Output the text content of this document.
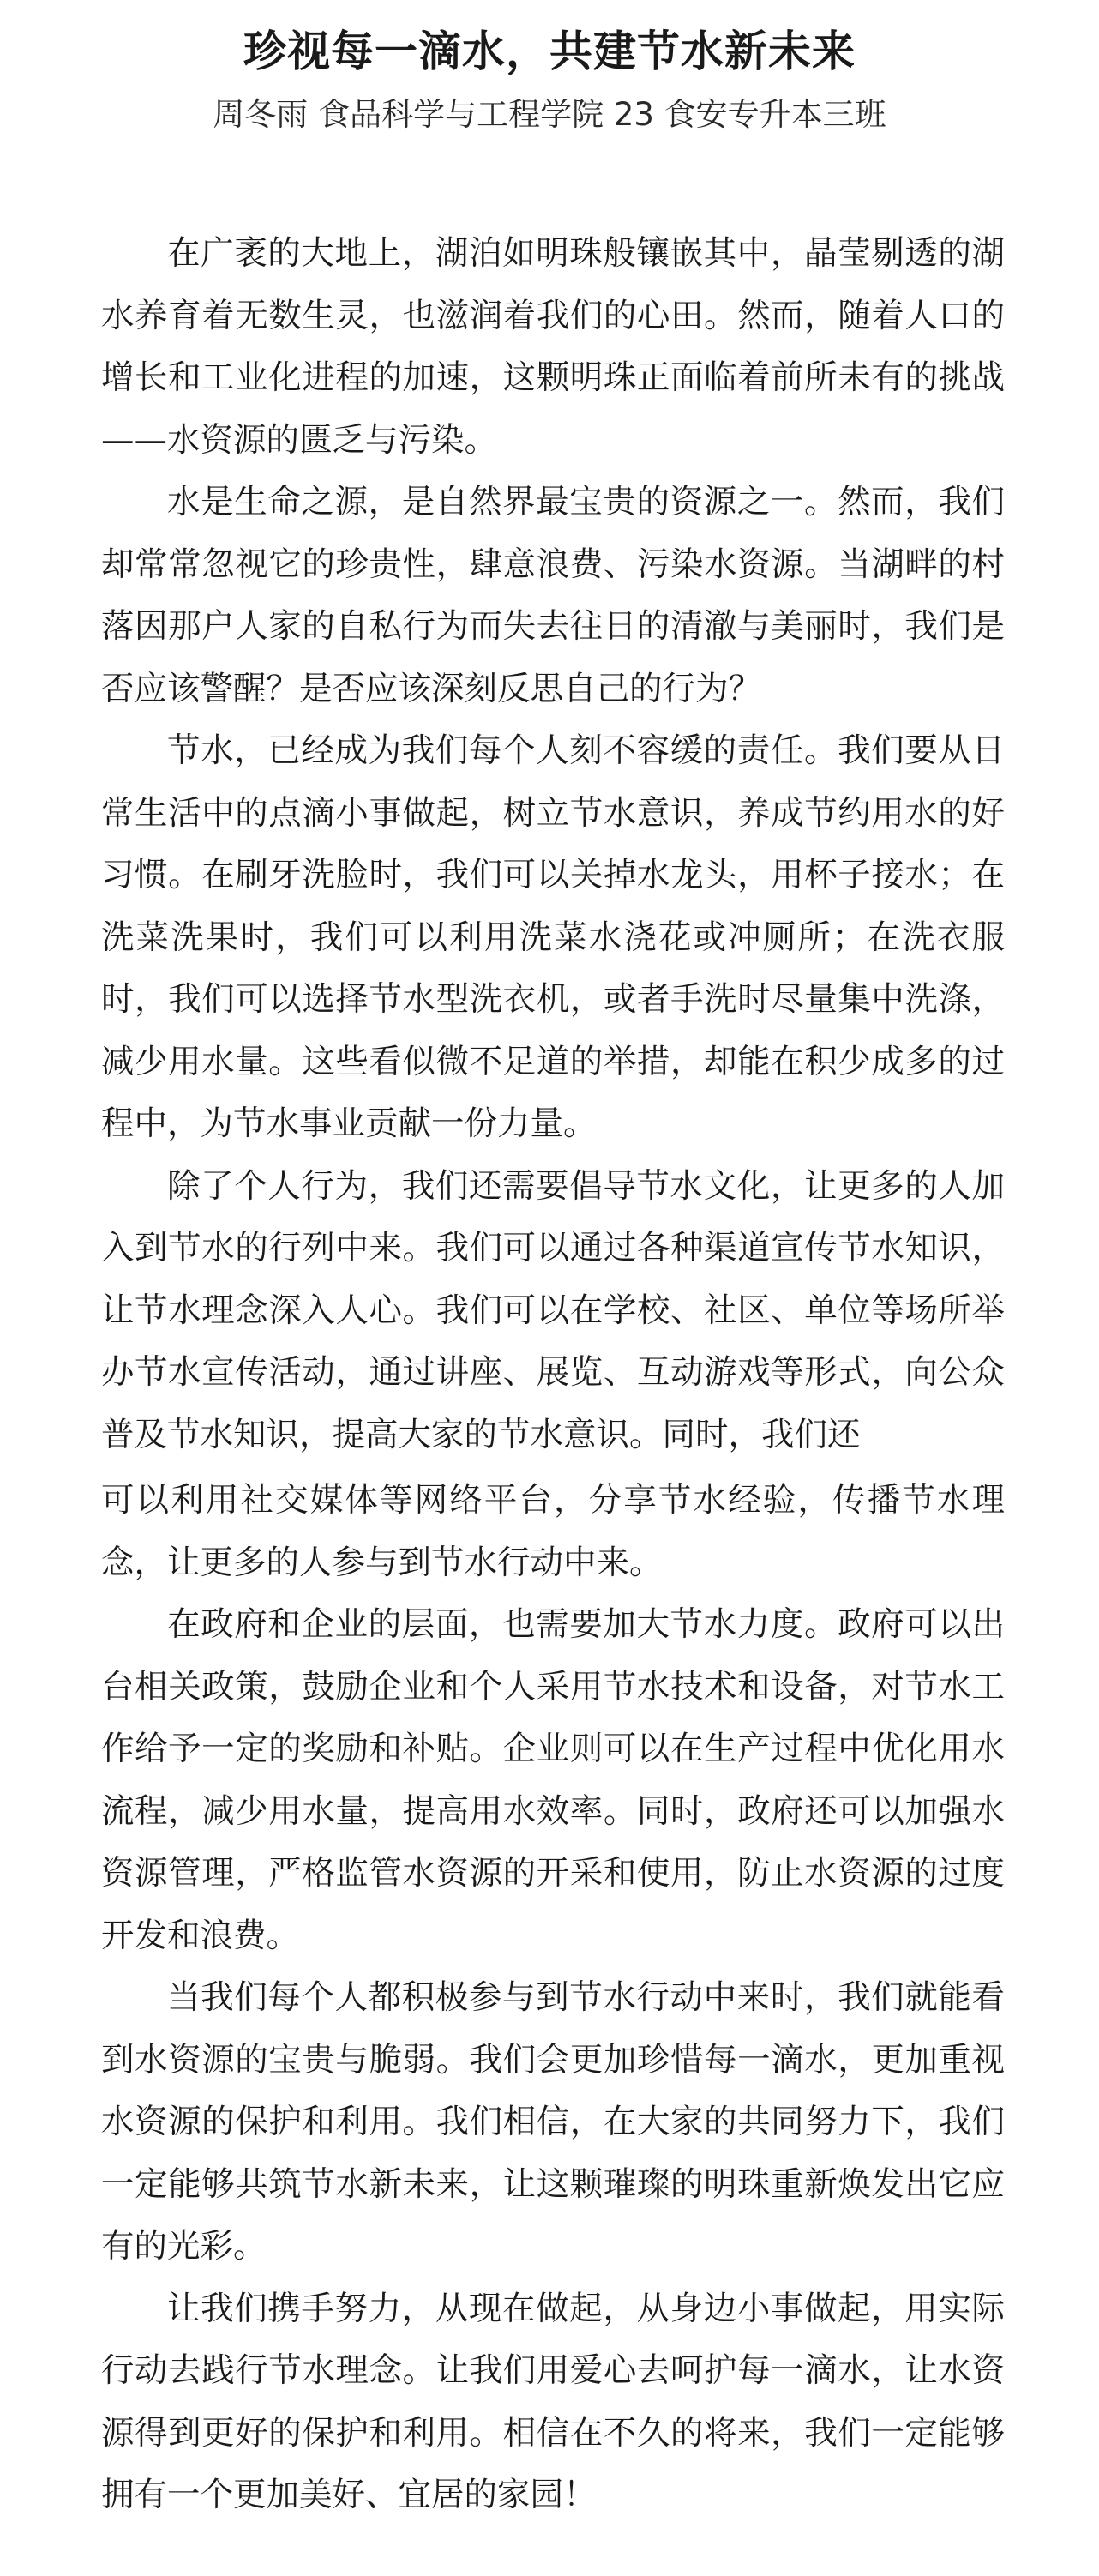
珍视每一滴水，共建节水新未来

周冬雨 食品科学与工程学院 23 食安专升本三班

在广袤的大地上，湖泊如明珠般镶嵌其中，晶莹剔透的湖水养育着无数生灵，也滋润着我们的心田。然而，随着人口的增长和工业化进程的加速，这颗明珠正面临着前所未有的挑战——水资源的匮乏与污染。

水是生命之源，是自然界最宝贵的资源之一。然而，我们却常常忽视它的珍贵性，肆意浪费、污染水资源。当湖畔的村落因那户人家的自私行为而失去往日的清澈与美丽时，我们是否应该警醒？是否应该深刻反思自己的行为？

节水，已经成为我们每个人刻不容缓的责任。我们要从日常生活中的点滴小事做起，树立节水意识，养成节约用水的好习惯。在刷牙洗脸时，我们可以关掉水龙头，用杯子接水；在洗菜洗果时，我们可以利用洗菜水浇花或冲厕所；在洗衣服时，我们可以选择节水型洗衣机，或者手洗时尽量集中洗涤，减少用水量。这些看似微不足道的举措，却能在积少成多的过程中，为节水事业贡献一份力量。

除了个人行为，我们还需要倡导节水文化，让更多的人加入到节水的行列中来。我们可以通过各种渠道宣传节水知识，让节水理念深入人心。我们可以在学校、社区、单位等场所举办节水宣传活动，通过讲座、展览、互动游戏等形式，向公众普及节水知识，提高大家的节水意识。同时，我们还

可以利用社交媒体等网络平台，分享节水经验，传播节水理念，让更多的人参与到节水行动中来。

在政府和企业的层面，也需要加大节水力度。政府可以出台相关政策，鼓励企业和个人采用节水技术和设备，对节水工作给予一定的奖励和补贴。企业则可以在生产过程中优化用水流程，减少用水量，提高用水效率。同时，政府还可以加强水资源管理，严格监管水资源的开采和使用，防止水资源的过度开发和浪费。

当我们每个人都积极参与到节水行动中来时，我们就能看到水资源的宝贵与脆弱。我们会更加珍惜每一滴水，更加重视水资源的保护和利用。我们相信，在大家的共同努力下，我们一定能够共筑节水新未来，让这颗璀璨的明珠重新焕发出它应有的光彩。

让我们携手努力，从现在做起，从身边小事做起，用实际行动去践行节水理念。让我们用爱心去呵护每一滴水，让水资源得到更好的保护和利用。相信在不久的将来，我们一定能够拥有一个更加美好、宜居的家园！
